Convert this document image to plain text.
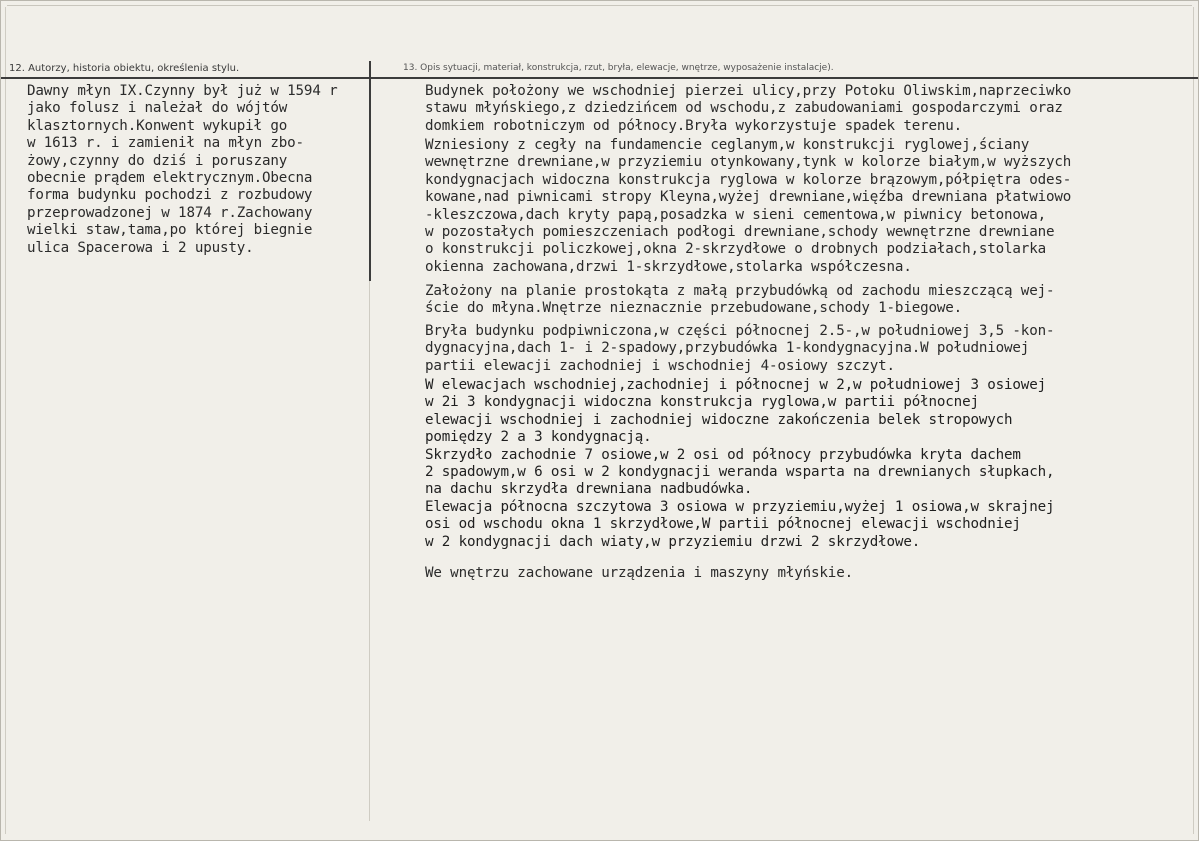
12. Autorzy, historia obiektu, określenia stylu.	13. Opis sytuacji, materiał, konstrukcja, rzut, bryła, elewacje, wnętrze, wyposażenie instalacje).
Dawny młyn IX.Czynny był już w 1594 r
jako folusz i należał do wójtów
klasztornych.Konwent wykupił go
w 1613 r. i zamienił na młyn zbo-
żowy,czynny do dziś i poruszany
obecnie prądem elektrycznym.Obecna
forma budynku pochodzi z rozbudowy
przeprowadzonej w 1874 r.Zachowany
wielki staw,tama,po której biegnie
ulica Spacerowa i 2 upusty.
Budynek położony we wschodniej pierzei ulicy,przy Potoku Oliwskim,naprzeciwko
stawu młyńskiego,z dziedzińcem od wschodu,z zabudowaniami gospodarczymi oraz
domkiem robotniczym od północy.Bryła wykorzystuje spadek terenu.
Wzniesiony z cegły na fundamencie ceglanym,w konstrukcji ryglowej,ściany
wewnętrzne drewniane,w przyziemiu otynkowany,tynk w kolorze białym,w wyższych
kondygnacjach widoczna konstrukcja ryglowa w kolorze brązowym,półpiętra odes-
kowane,nad piwnicami stropy Kleyna,wyżej drewniane,więźba drewniana płatwiowo
-kleszczowa,dach kryty papą,posadzka w sieni cementowa,w piwnicy betonowa,
w pozostałych pomieszczeniach podłogi drewniane,schody wewnętrzne drewniane
o konstrukcji policzkowej,okna 2-skrzydłowe o drobnych podziałach,stolarka
okienna zachowana,drzwi 1-skrzydłowe,stolarka współczesna.
Założony na planie prostokąta z małą przybudówką od zachodu mieszczącą wej-
ście do młyna.Wnętrze nieznacznie przebudowane,schody 1-biegowe.
Bryła budynku podpiwniczona,w części północnej 2.5-,w południowej 3,5 -kon-
dygnacyjna,dach 1- i 2-spadowy,przybudówka 1-kondygnacyjna.W południowej
partii elewacji zachodniej i wschodniej 4-osiowy szczyt.
W elewacjach wschodniej,zachodniej i północnej w 2,w południowej 3 osiowej
w 2i 3 kondygnacji widoczna konstrukcja ryglowa,w partii północnej
elewacji wschodniej i zachodniej widoczne zakończenia belek stropowych
pomiędzy 2 a 3 kondygnacją.
Skrzydło zachodnie 7 osiowe,w 2 osi od północy przybudówka kryta dachem
2 spadowym,w 6 osi w 2 kondygnacji weranda wsparta na drewnianych słupkach,
na dachu skrzydła drewniana nadbudówka.
Elewacja północna szczytowa 3 osiowa w przyziemiu,wyżej 1 osiowa,w skrajnej
osi od wschodu okna 1 skrzydłowe,W partii północnej elewacji wschodniej
w 2 kondygnacji dach wiaty,w przyziemiu drzwi 2 skrzydłowe.
We wnętrzu zachowane urządzenia i maszyny młyńskie.
